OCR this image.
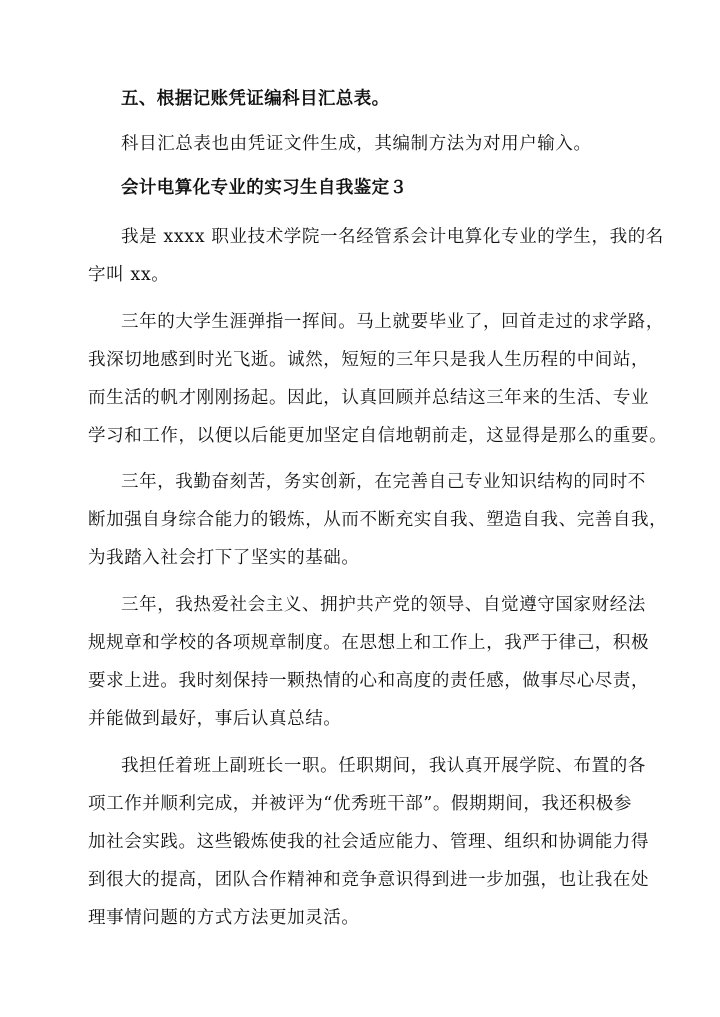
五、根据记账凭证编科目汇总表。
科目汇总表也由凭证文件生成，其编制方法为对用户输入。
会计电算化专业的实习生自我鉴定３
我是 xxxx 职业技术学院一名经管系会计电算化专业的学生，我的名
字叫 xx。
三年的大学生涯弹指一挥间。马上就要毕业了，回首走过的求学路，
我深切地感到时光飞逝。诚然，短短的三年只是我人生历程的中间站，
而生活的帆才刚刚扬起。因此，认真回顾并总结这三年来的生活、专业
学习和工作，以便以后能更加坚定自信地朝前走，这显得是那么的重要。
三年，我勤奋刻苦，务实创新，在完善自己专业知识结构的同时不
断加强自身综合能力的锻炼，从而不断充实自我、塑造自我、完善自我，
为我踏入社会打下了坚实的基础。
三年，我热爱社会主义、拥护共产党的领导、自觉遵守国家财经法
规规章和学校的各项规章制度。在思想上和工作上，我严于律己，积极
要求上进。我时刻保持一颗热情的心和高度的责任感，做事尽心尽责，
并能做到最好，事后认真总结。
我担任着班上副班长一职。任职期间，我认真开展学院、布置的各
项工作并顺利完成，并被评为“优秀班干部”。假期期间，我还积极参
加社会实践。这些锻炼使我的社会适应能力、管理、组织和协调能力得
到很大的提高，团队合作精神和竞争意识得到进一步加强，也让我在处
理事情问题的方式方法更加灵活。
